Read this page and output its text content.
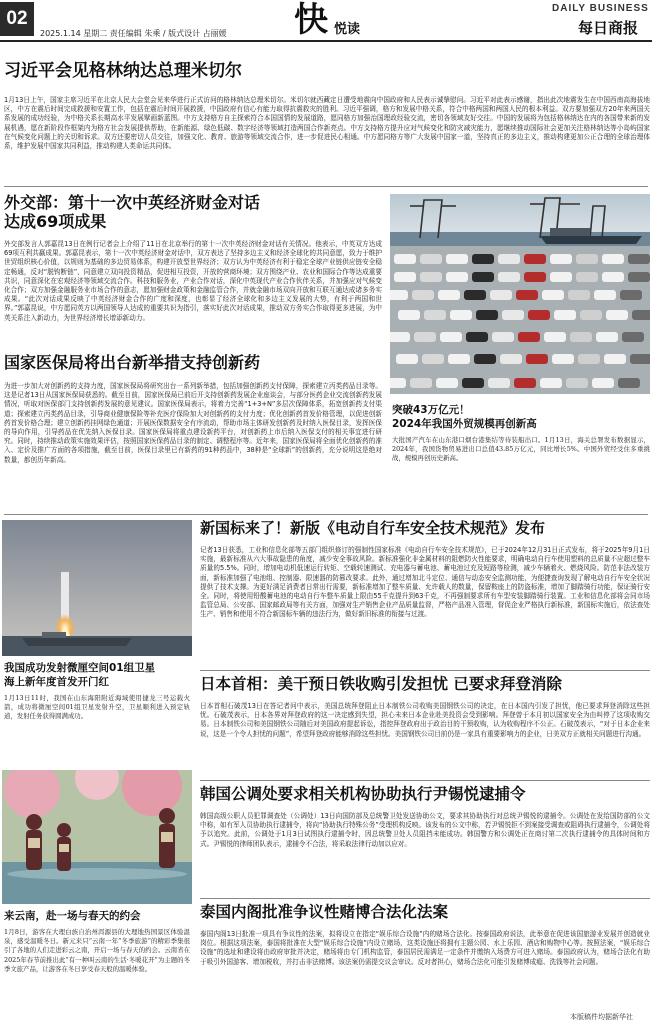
02
2025.1.14 星期二 责任编辑 朱乘 / 版式设计 占丽媛 快 悦读
DAILY BUSINESS
每日商报
习近平会见格林纳达总理米切尔
1月13日上午，国家主席习近平在北京人民大会堂会见来华进行正式访问的格林纳达总理米切尔。米切尔就西藏定日遭受地震向中国政府和人民表示诚挚慰问。习近平对此表示感谢，指出此次地震发生在中国西南高海拔地区，中方在震后时间完成救援和安置工作，包括在震后时间开展救援，中国政府有信心有能力取得抗震救灾的胜利。习近平强调，格方和发展中格关系，符合中格两国和两国人民的根本利益。双方要加强双方20年来两国关系发展的成功经验，为中格关系长期高水平发展擘画新蓝图。中方支持格方自主探索符合本国国情的发展道路，愿同格方加强治国理政经验交流，密切各领域友好交往。中国的发展将为包括格林纳达在内的各国带来新的发展机遇，愿在新阶段作框架内为格方社会发展提供帮助，在新能源、绿色低碳、数字经济等领域打造两国合作新亮点。中方支持格方提升应对气候变化和防灾减灾能力，愿继续推动国际社会更加关注格林纳达等小岛屿国家在气候变化问题上的关切和诉求。双方还要密切人员交往，加强文化、教育、旅游等领域交流合作，进一步促进民心相通。中方愿同格方等广大发展中国家一道，坚持真正的多边主义，推动构建更加公正合理的全球治理体系，维护发展中国家共同利益，推动构建人类命运共同体。
外交部：第十一次中英经济财金对话
达成69项成果
外交部发言人郭嘉昆13日在例行记者会上介绍了11日在北京举行的第十一次中英经济财金对话有关情况。他表示，中英双方达成69项互利共赢成果。郭嘉昆表示，第十一次中英经济财金对话中，双方表达了坚持多边主义和经济全球化的共同意愿，致力于维护世贸组织核心价值，以规则为基础的多边贸易体系，构建开放型世界经济；双方认为中英经济有利于稳定全球产业链供应链安全稳定畅通，反对“脱钩断链”，同意建立双向投资精品，促进相互投资，开放的营商环境；双方围绕产业、农业和国际合作等达成重要共识，同意深化在宏观经济等领域交流合作。科技和服务业，产业合作对话，深化中英现代产业合作伙伴关系，并加强应对气候变化合作；双方加强金融服务业市场合作的意志，愿加强财金政策和金融监管合作，并就金融市场双向开放和互联互通达成诸多务实成果。“此次对话成果反映了中英经济财金合作的广度和深度，也彰显了经济全球化和多边主义发展的大势，有利于两国和世界。”郭嘉昆说，中方愿同英方以两国领导人达成的重要共识为指引，落实好此次对话成果，推动双方务实合作取得更多进展，为中英关系注入新动力，为世界经济增长增添新动力。
突破43万亿元！
2024年我国外贸规模再创新高
大批国产汽车在山东港口烟台港集结等待装船出口。1月13日，海关总署发布数据显示，2024年，我国货物贸易进出口总值43.85万亿元，同比增长5%。中国外贸经受住多重挑战，规模再创历史新高。
国家医保局将出台新举措支持创新药
为进一步加大对创新药的支持力度，国家医保局将研究出台一系列新举措，包括加强创新药支付保障，探索建立丙类药品目录等。这是记者13日从国家医保局获悉的。截至目前，国家医保局已前后开支持创新药发展企业座谈会，与部分医药企业交流创新药发展情况，听取对医保部门支持创新药发展的意见建议。国家医保局表示，将着力完善“1+3+N”多层次保障体系，拓宽创新药支付渠道；探索建立丙类药品目录，引导商业健康保险等补充医疗保险加大对创新药的支付力度；优化创新药首发价格管理，以促进创新药首发价格合理；建立创新药挂网绿色通道；开展医保数据安全有序流动，帮助市场主体研发创新药及时纳入医保目录，发挥医保的导向作用，引导药品在优先纳入医保目录。国家医保局将重点建设新药平台，对创新药上市后纳入医保支付的相关事宜进行研究。同时，持续推动政策实施效果评估，按照国家医保药品目录的制定、调整程序等。近年来，国家医保局将全面优化创新药的准入、定价及推广方面的各项措施，截至目前，医保目录里已有新药的91种药品中，38种是“全球新”的创新药，充分说明这是绝对数量，都创历年新高。
我国成功发射微厘空间01组卫星
海上新年度首发开门红
1月13日11时，我国在山东海阳附近海域使用捷龙三号运载火箭，成功将微厘空间01组卫星发射升空，卫星顺利进入预定轨道，发射任务获得圆满成功。
来云南，赴一场与春天的约会
1月8日，游客在大理白族自治州洱源县的大理地热国景区体验温泉，感受温暖冬日。新元来只“云南一年”冬季旅游“的精彩季集很引了各地的人们走进彩云之南，开启一场与春天的约会。云南省在2025年春节前推出此“有一种叫云南的生活·冬暖花开”为主题的冬季文旅产品，让游客在冬日享受春天般的温暖体验。
新国标来了！新版《电动自行车安全技术规范》发布
记者13日获悉，工业和信息化部等五部门组织修订的强制性国家标准《电动自行车安全技术规范》，已于2024年12月31日正式发布，将于2025年9月1日实施，最新标准从六大事故隐患的角度，减少安全事故风险。新标准强化非金属材料的阻燃防火性能要求，明确电动自行车使用塑料的总质量不应超过整车质量的5.5%。同时，增加电动机低速运行转矩、空载转速测试、充电器与蓄电池、蓄电池过充及短路等检测，减少车辆着火、燃烧风险。防范非法改装方面，新标准加强了电池组、控制器、限速器的防篡改要求。此外，通过增加北斗定位、通信与动态安全监测功能，为便捷查询发现了解电动自行车安全状况提供了技术支撑。为更好满足消费者日常出行需要，新标准增加了整车质量、允许载人的数量，保留鞍座上的防盗标准，增加了脚踏骑行功能，保证骑行安全。同时，将使用铅酸蓄电池的电动自行车整车质量上限由55千克提升到63千克，不再强制要求所有车型安装脚踏骑行装置。工业和信息化部将会同市场监管总局、公安部、国家邮政局等有关方面，加强对生产销售企业产品质量监督，严格产品准入管理，督促企业严格执行新标准，新国标实施后，依法查处生产、销售和使用不符合新国标车辆的违法行为，做好新旧标准的衔接与过渡。
日本首相：美干预日铁收购引发担忧 已要求拜登消除
日本首相石破茂13日在答记者问中表示，美国总统拜登阻止日本制铁公司收购美国钢铁公司的决定，在日本国内引发了担忧，他已要求拜登消除这些担忧。石破茂表示，日本各界对拜登政府的这一决定感到失望，担心未来日本企业赴美投资会受到影响。拜登曾于本月初以国家安全为由叫停了这项收购交易。日本制铁公司和美国钢铁公司随后对美国政府提起诉讼，指控拜登政府出于政治目的干预收购，认为收购程序不公正。石破茂表示，“对于日本企业来说，这是一个令人担忧的问题”，希望拜登政府能够消除这些担忧。美国钢铁公司目前仍是一家具有重要影响力的企业，日美双方正就相关问题进行沟通。
韩国公调处要求相关机构协助执行尹锡悦逮捕令
韩国高级公职人员犯罪调查处（公调处）13日向国防部及总统警卫处发送协助公文，要求其协助执行对总统尹锡悦的逮捕令。公调处在发给国防部的公文中称，如有军人员协助执行逮捕令，将向“协助执行特殊公务”受理机构反映。该发布的公文中称，若尹锡悦拒不到案接受调查或阻碍执行逮捕令，公调处将予以追究。此前，公调处于1月3日试图执行逮捕令时，因总统警卫处人员阻挡未能成功。韩国警方和公调处正在商讨第二次执行逮捕令的具体时间和方式。尹锡悦的律师团队表示，逮捕令不合法，将采取法律行动加以应对。
泰国内阁批准争议性赌博合法化法案
泰国内阁13日批准一项具有争议性的法案，拟将设立在指定“娱乐综合设施”内的赌场合法化。按泰国政府说法，此举意在促进该国旅游业发展并创造就业岗位。根据这项法案，泰国将批准在大型“娱乐综合设施”内设立赌场，这类设施还将拥有主题公园、水上乐园、酒店和购物中心等。按照法案，“娱乐综合设施”的选址和建设将由政府审批并决定，赌场将由专门机构监管，泰国居民需满足一定条件并缴纳入场费方可进入赌场。泰国政府认为，赌场合法化有助于吸引外国游客、增加税收，并打击非法赌博。该法案仍需提交议会审议。反对者担心，赌场合法化可能引发赌博成瘾、洗钱等社会问题。
本版稿件均据新华社
